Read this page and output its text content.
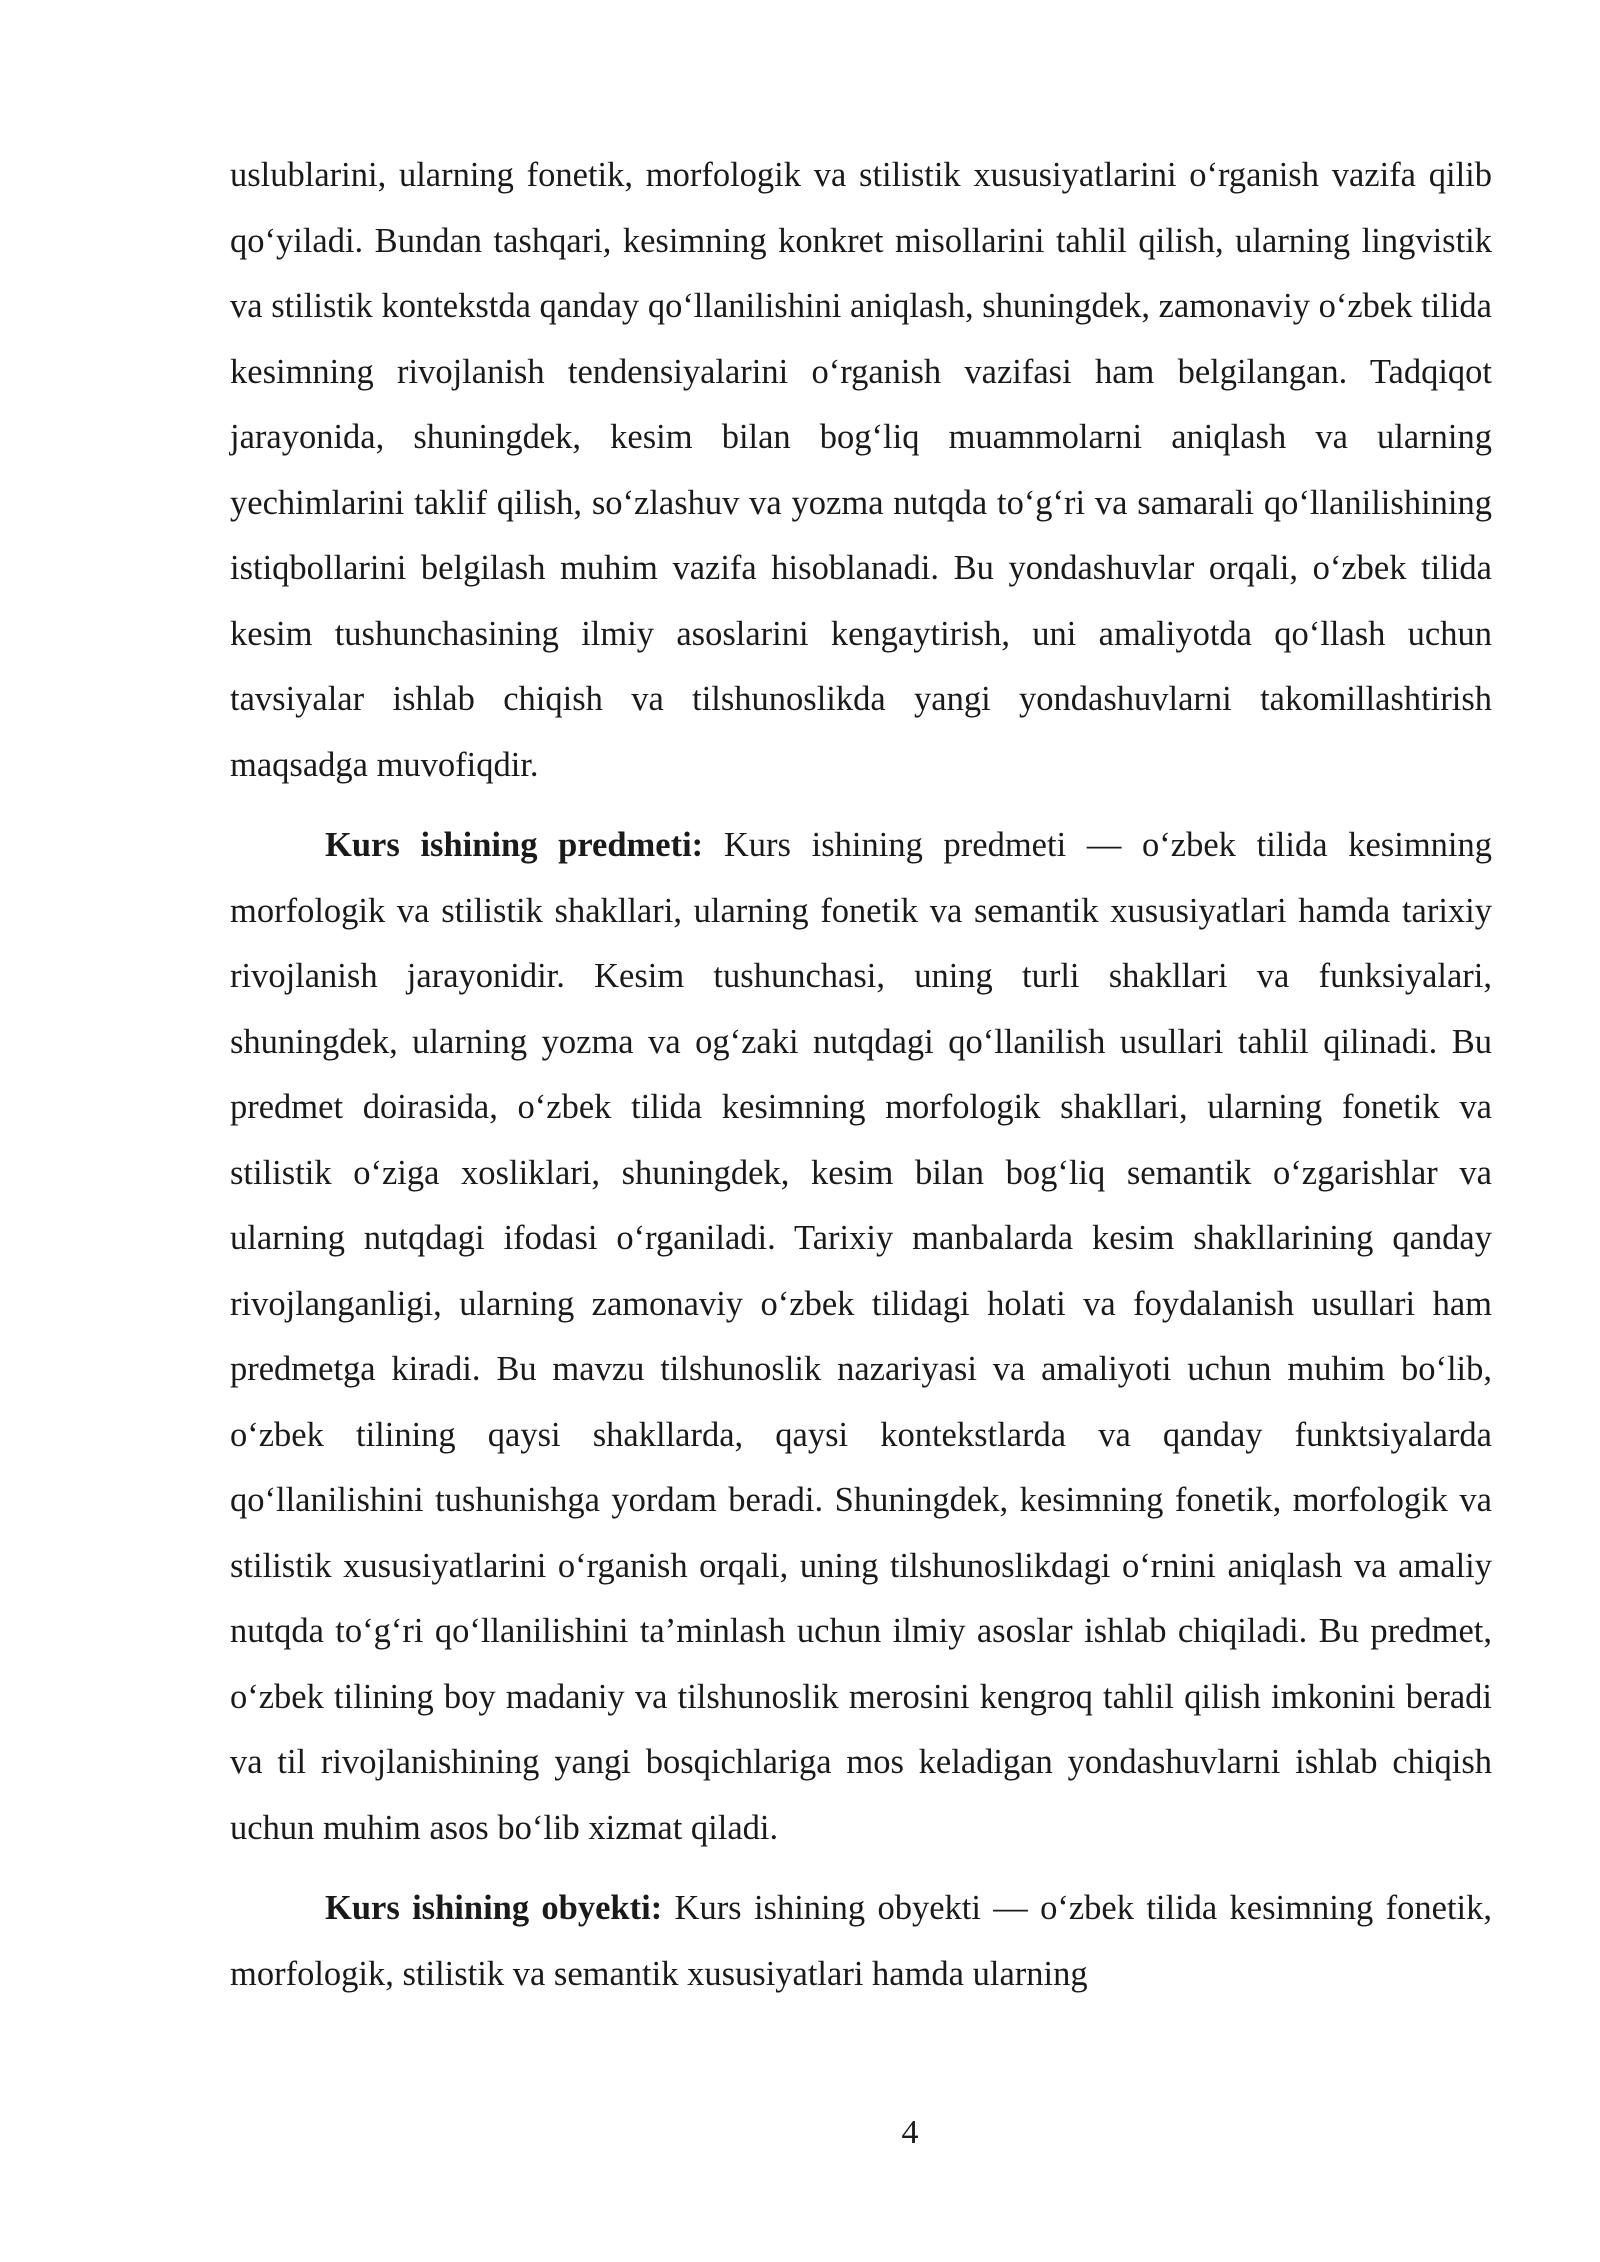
uslublarini, ularning fonetik, morfologik va stilistik xususiyatlarini o‘rganish vazifa qilib qo‘yiladi. Bundan tashqari, kesimning konkret misollarini tahlil qilish, ularning lingvistik va stilistik kontekstda qanday qo‘llanilishini aniqlash, shuningdek, zamonaviy o‘zbek tilida kesimning rivojlanish tendensiyalarini o‘rganish vazifasi ham belgilangan. Tadqiqot jarayonida, shuningdek, kesim bilan bog‘liq muammolarni aniqlash va ularning yechimlarini taklif qilish, so‘zlashuv va yozma nutqda to‘g‘ri va samarali qo‘llanilishining istiqbollarini belgilash muhim vazifa hisoblanadi. Bu yondashuvlar orqali, o‘zbek tilida kesim tushunchasining ilmiy asoslarini kengaytirish, uni amaliyotda qo‘llash uchun tavsiyalar ishlab chiqish va tilshunoslikda yangi yondashuvlarni takomillashtirish maqsadga muvofiqdir.

Kurs ishining predmeti: Kurs ishining predmeti — o‘zbek tilida kesimning morfologik va stilistik shakllari, ularning fonetik va semantik xususiyatlari hamda tarixiy rivojlanish jarayonidir. Kesim tushunchasi, uning turli shakllari va funksiyalari, shuningdek, ularning yozma va og‘zaki nutqdagi qo‘llanilish usullari tahlil qilinadi. Bu predmet doirasida, o‘zbek tilida kesimning morfologik shakllari, ularning fonetik va stilistik o‘ziga xosliklari, shuningdek, kesim bilan bog‘liq semantik o‘zgarishlar va ularning nutqdagi ifodasi o‘rganiladi. Tarixiy manbalarda kesim shakllarining qanday rivojlanganligi, ularning zamonaviy o‘zbek tilidagi holati va foydalanish usullari ham predmetga kiradi. Bu mavzu tilshunoslik nazariyasi va amaliyoti uchun muhim bo‘lib, o‘zbek tilining qaysi shakllarda, qaysi kontekstlarda va qanday funktsiyalarda qo‘llanilishini tushunishga yordam beradi. Shuningdek, kesimning fonetik, morfologik va stilistik xususiyatlarini o‘rganish orqali, uning tilshunoslikdagi o‘rnini aniqlash va amaliy nutqda to‘g‘ri qo‘llanilishini ta’minlash uchun ilmiy asoslar ishlab chiqiladi. Bu predmet, o‘zbek tilining boy madaniy va tilshunoslik merosini kengroq tahlil qilish imkonini beradi va til rivojlanishining yangi bosqichlariga mos keladigan yondashuvlarni ishlab chiqish uchun muhim asos bo‘lib xizmat qiladi.

Kurs ishining obyekti: Kurs ishining obyekti — o‘zbek tilida kesimning fonetik, morfologik, stilistik va semantik xususiyatlari hamda ularning

4
